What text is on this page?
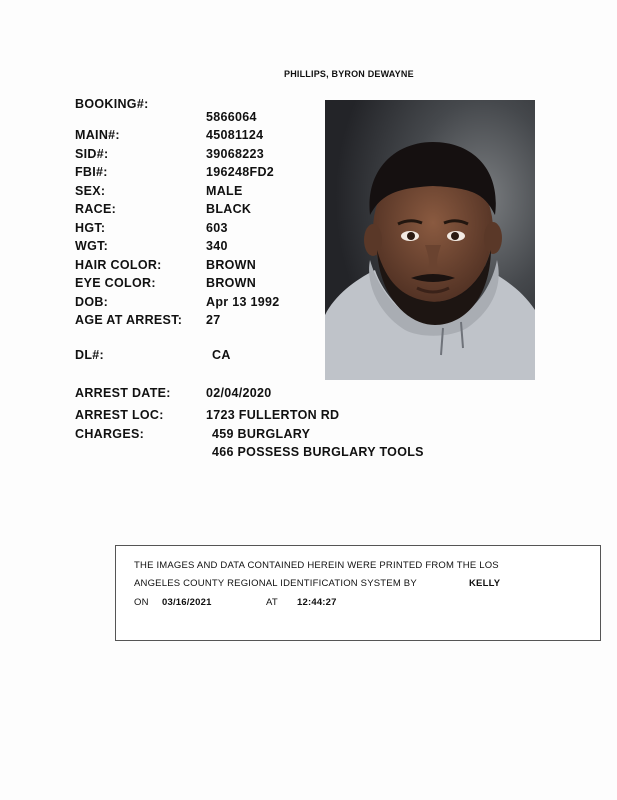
PHILLIPS, BYRON DEWAYNE
BOOKING#:
5866064
MAIN#:	45081124
SID#:	39068223
FBI#:	196248FD2
SEX:	MALE
RACE:	BLACK
HGT:	603
WGT:	340
HAIR COLOR:	BROWN
EYE COLOR:	BROWN
DOB:	Apr 13 1992
AGE AT ARREST: 27
DL#:	CA
ARREST DATE:	02/04/2020
ARREST LOC:	1723 FULLERTON RD
CHARGES:	459 BURGLARY
466 POSSESS BURGLARY TOOLS
THE IMAGES AND DATA CONTAINED HEREIN WERE PRINTED FROM THE LOS
ANGELES COUNTY REGIONAL IDENTIFICATION SYSTEM BY	KELLY
ON 03/16/2021	AT 12:44:27
